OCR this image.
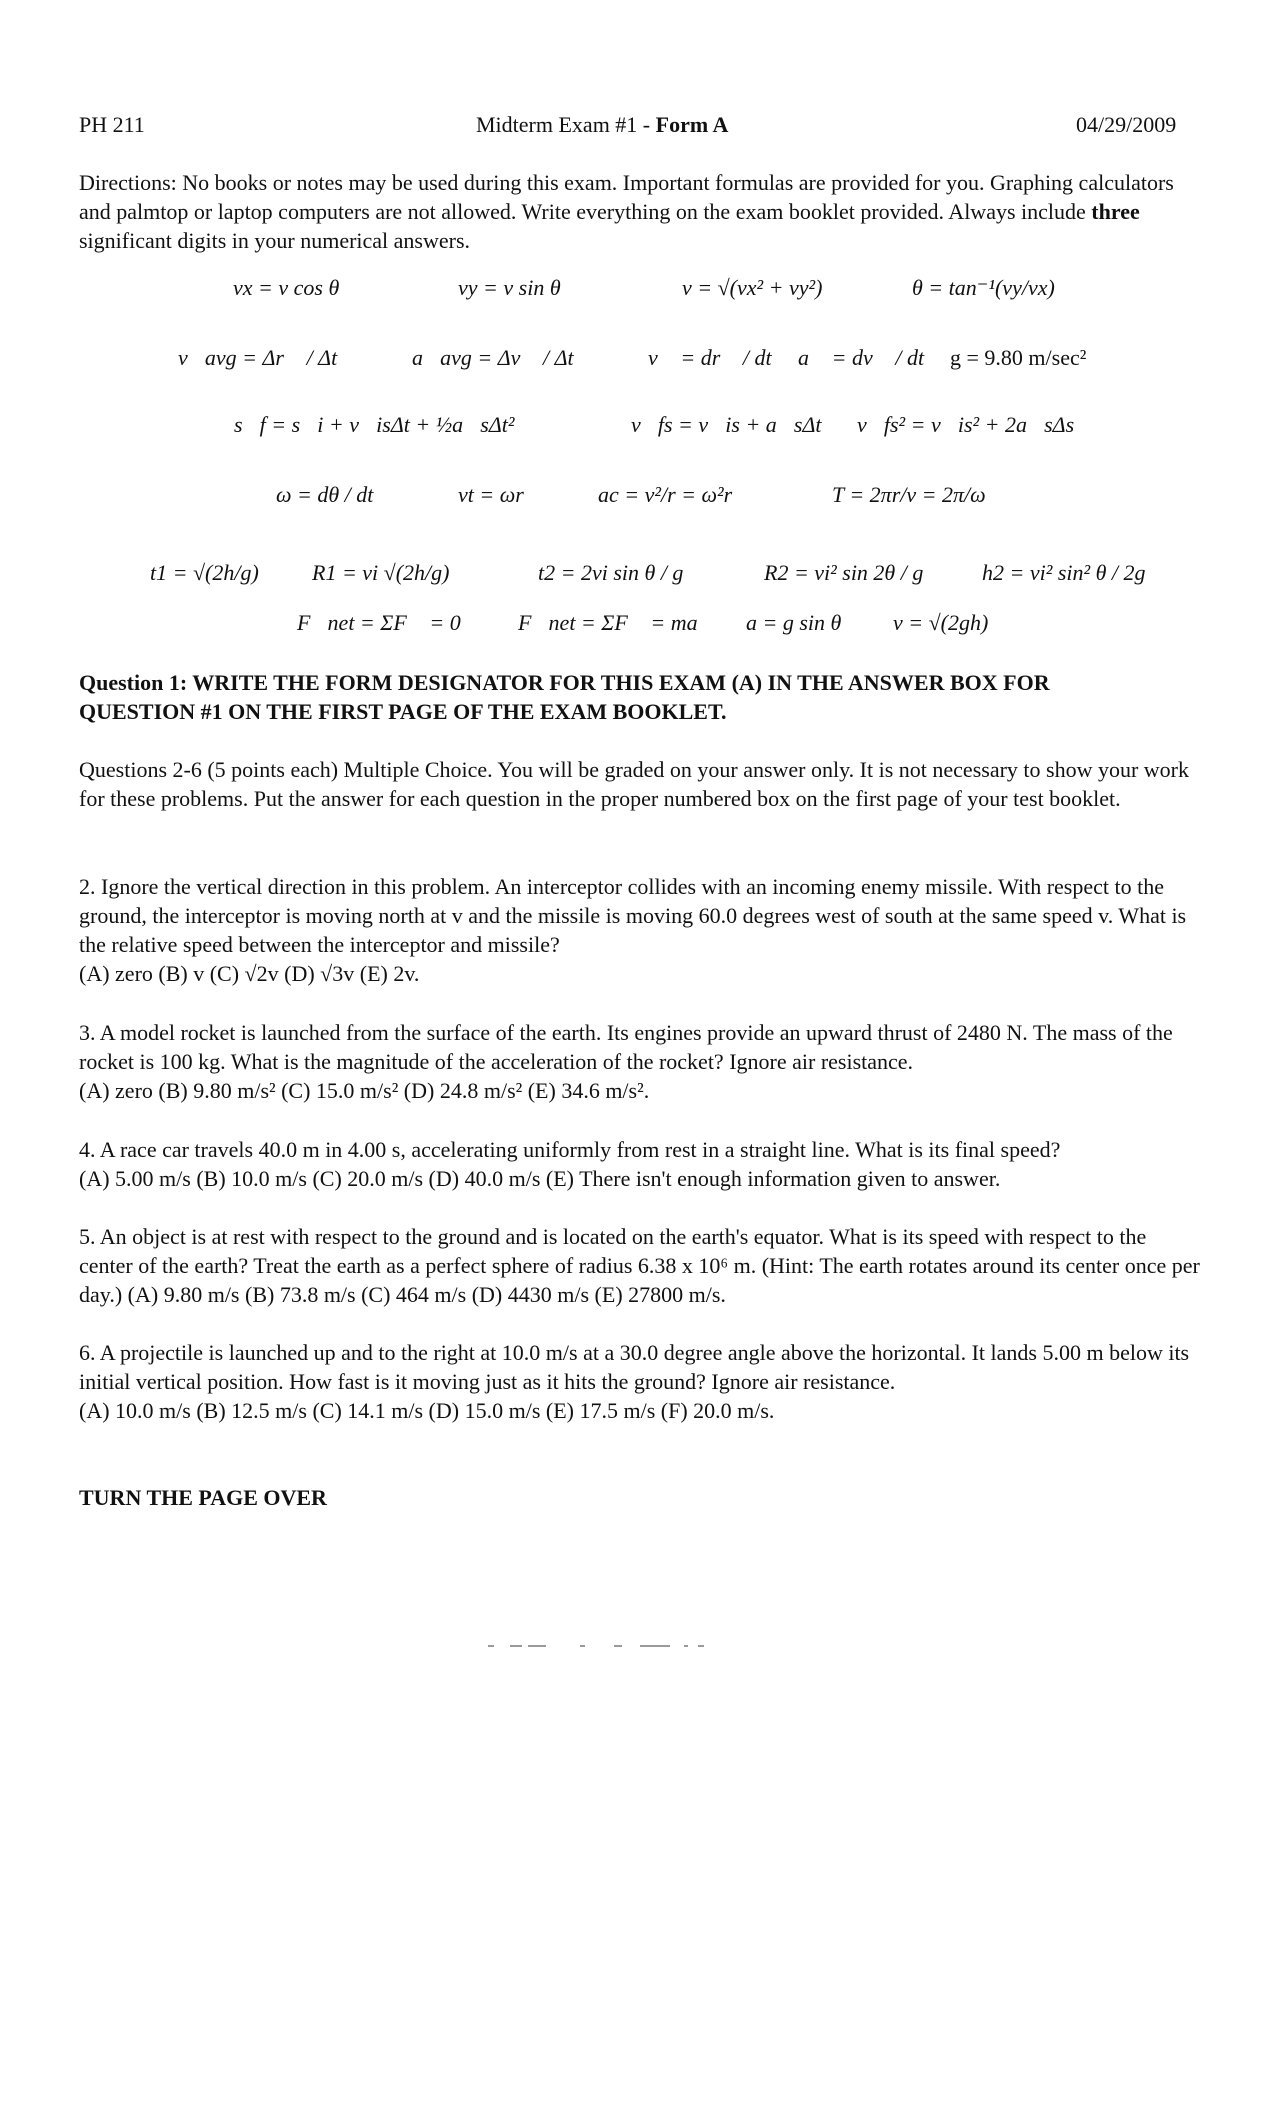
PH 211	Midterm Exam #1 - Form A	04/29/2009
Directions: No books or notes may be used during this exam. Important formulas are provided for you. Graphing calculators and palmtop or laptop computers are not allowed. Write everything on the exam booklet provided. Always include three significant digits in your numerical answers.
vx = v cos θ	vy = v sin θ	v = √(vx² + vy²)	θ = tan⁻¹(vy/vx)
v⃗avg = Δr⃗ / Δt	a⃗avg = Δv⃗ / Δt	v⃗ = dr⃗ / dt a⃗ = dv⃗ / dt g = 9.80 m/sec²
s⃗f = s⃗i + v⃗isΔt + ½a⃗sΔt²	v⃗fs = v⃗is + a⃗sΔt v⃗fs² = v⃗is² + 2a⃗sΔs⃗
ω = dθ / dt	vt = ωr	ac = v²/r = ω²r	T = 2πr/v = 2π/ω
t1 = √(2h/g) R1 = vi √(2h/g)	t2 = 2vi sin θ / g	R2 = vi² sin 2θ / g	h2 = vi² sin² θ / 2g
F⃗net = ΣF⃗ = 0	F⃗net = ΣF⃗ = ma⃗ a = g sin θ v = √(2gh)
Question 1: WRITE THE FORM DESIGNATOR FOR THIS EXAM (A) IN THE ANSWER BOX FOR
QUESTION #1 ON THE FIRST PAGE OF THE EXAM BOOKLET.
Questions 2-6 (5 points each) Multiple Choice. You will be graded on your answer only. It is not necessary to show your work for these problems. Put the answer for each question in the proper numbered box on the first page of your test booklet.
2. Ignore the vertical direction in this problem. An interceptor collides with an incoming enemy missile. With respect to the ground, the interceptor is moving north at v and the missile is moving 60.0 degrees west of south at the same speed v. What is the relative speed between the interceptor and missile?
(A) zero (B) v (C) √2v (D) √3v (E) 2v.
3. A model rocket is launched from the surface of the earth. Its engines provide an upward thrust of 2480 N. The mass of the rocket is 100 kg. What is the magnitude of the acceleration of the rocket? Ignore air resistance.
(A) zero (B) 9.80 m/s² (C) 15.0 m/s² (D) 24.8 m/s² (E) 34.6 m/s².
4. A race car travels 40.0 m in 4.00 s, accelerating uniformly from rest in a straight line. What is its final speed?
(A) 5.00 m/s (B) 10.0 m/s (C) 20.0 m/s (D) 40.0 m/s (E) There isn't enough information given to answer.
5. An object is at rest with respect to the ground and is located on the earth's equator. What is its speed with respect to the center of the earth? Treat the earth as a perfect sphere of radius 6.38 x 10⁶ m. (Hint: The earth rotates around its center once per day.) (A) 9.80 m/s (B) 73.8 m/s (C) 464 m/s (D) 4430 m/s (E) 27800 m/s.
6. A projectile is launched up and to the right at 10.0 m/s at a 30.0 degree angle above the horizontal. It lands 5.00 m below its initial vertical position. How fast is it moving just as it hits the ground? Ignore air resistance.
(A) 10.0 m/s (B) 12.5 m/s (C) 14.1 m/s (D) 15.0 m/s (E) 17.5 m/s (F) 20.0 m/s.
TURN THE PAGE OVER
